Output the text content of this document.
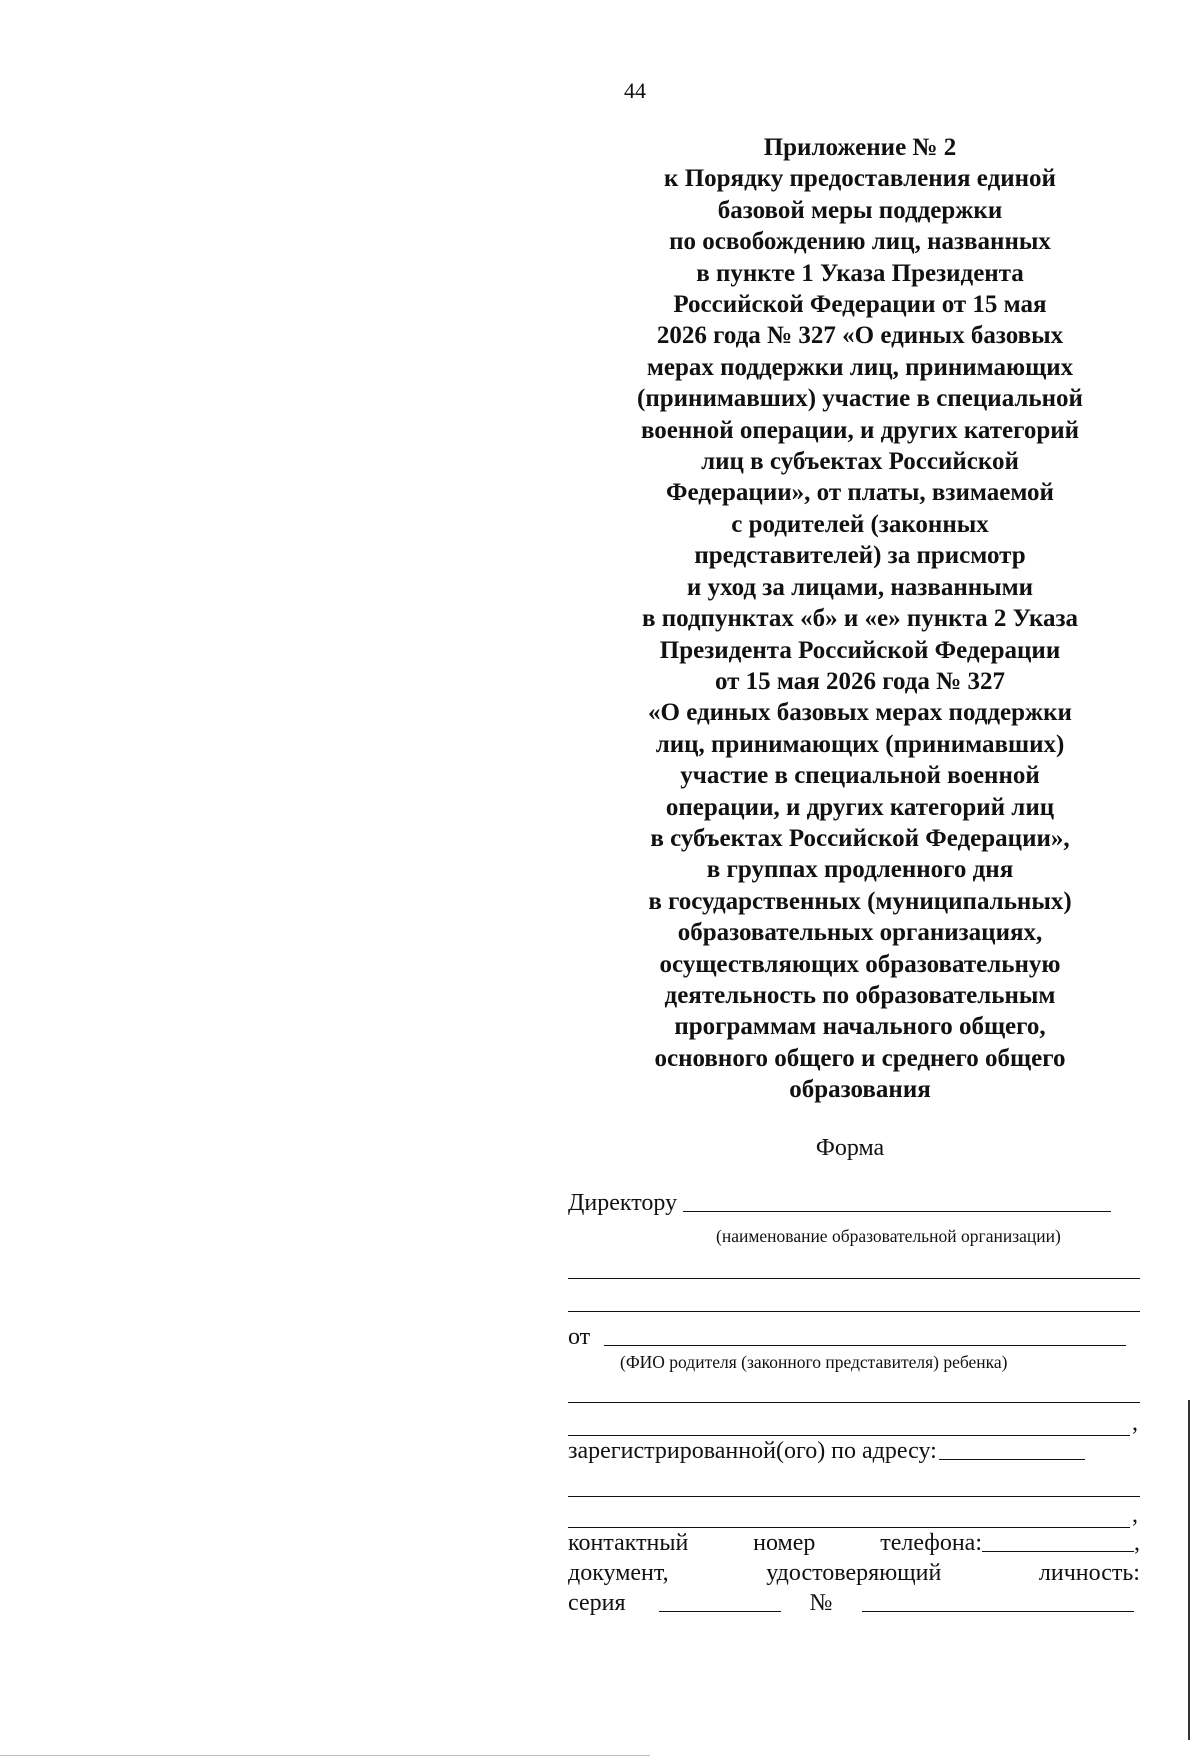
44
Приложение № 2
к Порядку предоставления единой
базовой меры поддержки
по освобождению лиц, названных
в пункте 1 Указа Президента
Российской Федерации от 15 мая
2026 года № 327 «О единых базовых
мерах поддержки лиц, принимающих
(принимавших) участие в специальной
военной операции, и других категорий
лиц в субъектах Российской
Федерации», от платы, взимаемой
с родителей (законных
представителей) за присмотр
и уход за лицами, названными
в подпунктах «б» и «е» пункта 2 Указа
Президента Российской Федерации
от 15 мая 2026 года № 327
«О единых базовых мерах поддержки
лиц, принимающих (принимавших)
участие в специальной военной
операции, и других категорий лиц
в субъектах Российской Федерации»,
в группах продленного дня
в государственных (муниципальных)
образовательных организациях,
осуществляющих образовательную
деятельность по образовательным
программам начального общего,
основного общего и среднего общего
образования
Форма
Директору
(наименование образовательной организации)
от
(ФИО родителя (законного представителя) ребенка)
,
зарегистрированной(ого) по адресу:
,
контактный	номер	телефона:	,
документ,	удостоверяющий	личность:
серия	№
